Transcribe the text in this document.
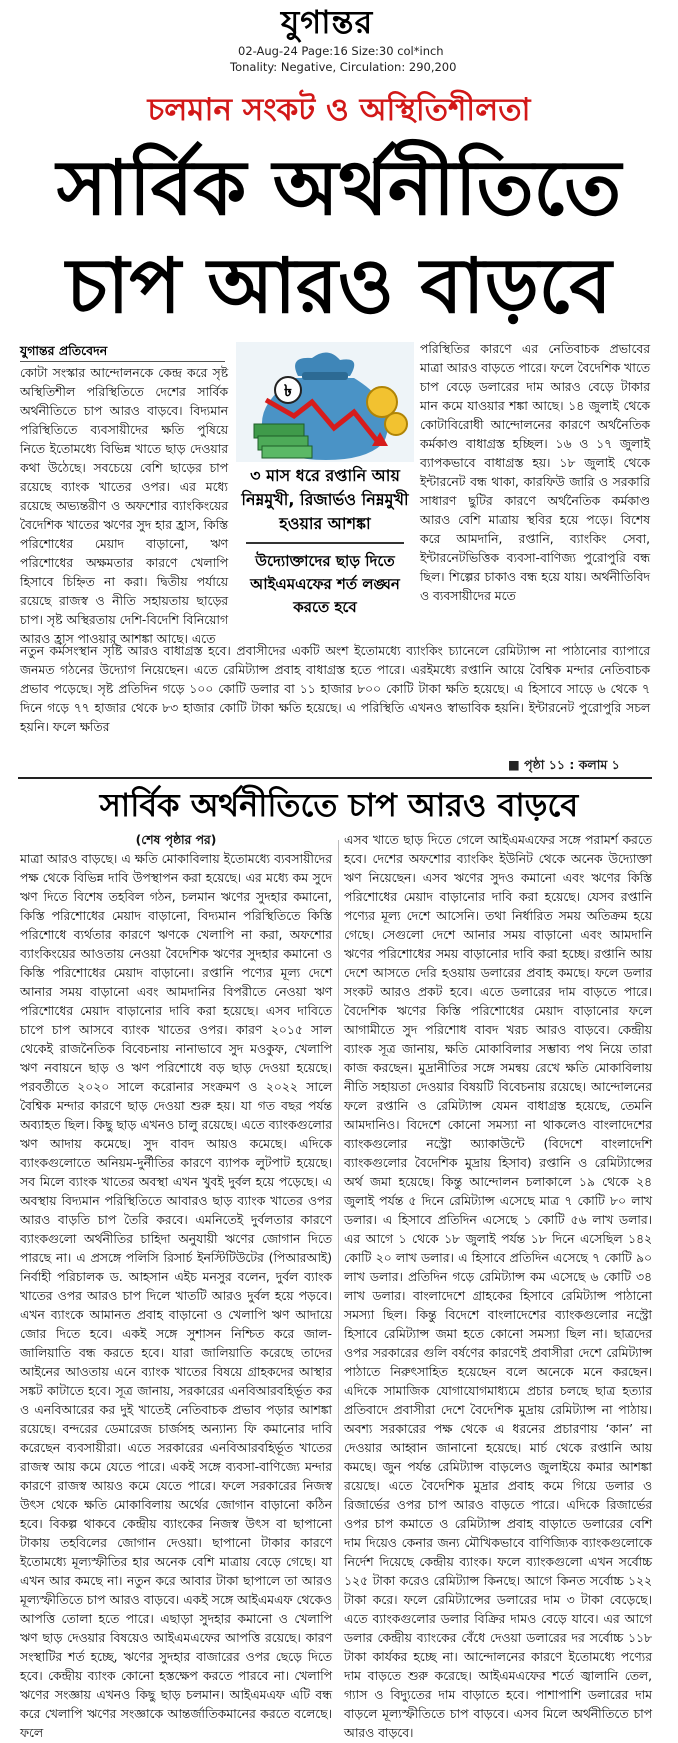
যুগান্তর
02-Aug-24 Page:16 Size:30 col*inch
Tonality: Negative, Circulation: 290,200
চলমান সংকট ও অস্থিতিশীলতা
সার্বিক অর্থনীতিতে
চাপ আরও বাড়বে
যুগান্তর প্রতিবেদন

কোটা সংস্কার আন্দোলনকে কেন্দ্র করে সৃষ্ট অস্থিতিশীল পরিস্থিতিতে দেশের সার্বিক অর্থনীতিতে চাপ আরও বাড়বে। বিদ্যমান পরিস্থিতিতে ব্যবসায়ীদের ক্ষতি পুষিয়ে নিতে ইতোমধ্যে বিভিন্ন খাতে ছাড় দেওয়ার কথা উঠেছে। সবচেয়ে বেশি ছাড়ের চাপ রয়েছে ব্যাংক খাতের ওপর। এর মধ্যে রয়েছে অভ্যন্তরীণ ও অফশোর ব্যাংকিংয়ের বৈদেশিক খাতের ঋণের সুদ হার হ্রাস, কিস্তি পরিশোধের মেয়াদ বাড়ানো, ঋণ পরিশোধের অক্ষমতার কারণে খেলাপি হিসাবে চিহ্নিত না করা। দ্বিতীয় পর্যায়ে রয়েছে রাজস্ব ও নীতি সহায়তায় ছাড়ের চাপ। সৃষ্ট অস্থিরতায় দেশি-বিদেশি বিনিয়োগ আরও হ্রাস পাওয়ার আশঙ্কা আছে। এতে

৳
৩ মাস ধরে রপ্তানি আয় নিম্নমুখী, রিজার্ভও নিম্নমুখী হওয়ার আশঙ্কা
উদ্যোক্তাদের ছাড় দিতে আইএমএফের শর্ত লঙ্ঘন করতে হবে

পরিস্থিতির কারণে এর নেতিবাচক প্রভাবের মাত্রা আরও বাড়তে পারে। ফলে বৈদেশিক খাতে চাপ বেড়ে ডলারের দাম আরও বেড়ে টাকার মান কমে যাওয়ার শঙ্কা আছে। ১৪ জুলাই থেকে কোটাবিরোধী আন্দোলনের কারণে অর্থনৈতিক কর্মকাণ্ড বাধাগ্রস্ত হচ্ছিল। ১৬ ও ১৭ জুলাই ব্যাপকভাবে বাধাগ্রস্ত হয়। ১৮ জুলাই থেকে ইন্টারনেট বন্ধ থাকা, কারফিউ জারি ও সরকারি সাধারণ ছুটির কারণে অর্থনৈতিক কর্মকাণ্ড আরও বেশি মাত্রায় স্থবির হয়ে পড়ে। বিশেষ করে আমদানি, রপ্তানি, ব্যাংকিং সেবা, ইন্টারনেটভিত্তিক ব্যবসা-বাণিজ্য পুরোপুরি বন্ধ ছিল। শিল্পের চাকাও বন্ধ হয়ে যায়। অর্থনীতিবিদ ও ব্যবসায়ীদের মতে

নতুন কর্মসংস্থান সৃষ্টি আরও বাধাগ্রস্ত হবে। প্রবাসীদের একটি অংশ ইতোমধ্যে ব্যাংকিং চ্যানেলে রেমিট্যান্স না পাঠানোর ব্যাপারে জনমত গঠনের উদ্যোগ নিয়েছেন। এতে রেমিট্যান্স প্রবাহ বাধাগ্রস্ত হতে পারে। এরইমধ্যে রপ্তানি আয়ে বৈশ্বিক মন্দার নেতিবাচক প্রভাব পড়েছে। সৃষ্ট প্রতিদিন গড়ে ১০০ কোটি ডলার বা ১১ হাজার ৮০০ কোটি টাকা ক্ষতি হয়েছে। এ হিসাবে সাড়ে ৬ থেকে ৭ দিনে গড়ে ৭৭ হাজার থেকে ৮৩ হাজার কোটি টাকা ক্ষতি হয়েছে। এ পরিস্থিতি এখনও স্বাভাবিক হয়নি। ইন্টারনেট পুরোপুরি সচল হয়নি। ফলে ক্ষতির

■ পৃষ্ঠা ১১ : কলাম ১
সার্বিক অর্থনীতিতে চাপ আরও বাড়বে

(শেষ পৃষ্ঠার পর)

মাত্রা আরও বাড়ছে। এ ক্ষতি মোকাবিলায় ইতোমধ্যে ব্যবসায়ীদের পক্ষ থেকে বিভিন্ন দাবি উপস্থাপন করা হয়েছে। এর মধ্যে কম সুদে ঋণ দিতে বিশেষ তহবিল গঠন, চলমান ঋণের সুদহার কমানো, কিস্তি পরিশোধের মেয়াদ বাড়ানো, বিদ্যমান পরিস্থিতিতে কিস্তি পরিশোধে ব্যর্থতার কারণে ঋণকে খেলাপি না করা, অফশোর ব্যাংকিংয়ের আওতায় নেওয়া বৈদেশিক ঋণের সুদহার কমানো ও কিস্তি পরিশোধের মেয়াদ বাড়ানো। রপ্তানি পণ্যের মূল্য দেশে আনার সময় বাড়ানো এবং আমদানির বিপরীতে নেওয়া ঋণ পরিশোধের মেয়াদ বাড়ানোর দাবি করা হয়েছে। এসব দাবিতে চাপে চাপ আসবে ব্যাংক খাতের ওপর। কারণ ২০১৫ সাল থেকেই রাজনৈতিক বিবেচনায় নানাভাবে সুদ মওকুফ, খেলাপি ঋণ নবায়নে ছাড় ও ঋণ পরিশোধে বড় ছাড় দেওয়া হয়েছে। পরবর্তীতে ২০২০ সালে করোনার সংক্রমণ ও ২০২২ সালে বৈশ্বিক মন্দার কারণে ছাড় দেওয়া শুরু হয়। যা গত বছর পর্যন্ত অব্যাহত ছিল। কিছু ছাড় এখনও চালু রয়েছে। এতে ব্যাংকগুলোর ঋণ আদায় কমেছে। সুদ বাবদ আয়ও কমেছে। এদিকে ব্যাংকগুলোতে অনিয়ম-দুর্নীতির কারণে ব্যাপক লুটপাট হয়েছে। সব মিলে ব্যাংক খাতের অবস্থা এখন খুবই দুর্বল হয়ে পড়েছে। এ অবস্থায় বিদ্যমান পরিস্থিতিতে আবারও ছাড় ব্যাংক খাতের ওপর আরও বাড়তি চাপ তৈরি করবে। এমনিতেই দুর্বলতার কারণে ব্যাংকগুলো অর্থনীতির চাহিদা অনুযায়ী ঋণের জোগান দিতে পারছে না। এ প্রসঙ্গে পলিসি রিসার্চ ইনস্টিটিউটের (পিআরআই) নির্বাহী পরিচালক ড. আহসান এইচ মনসুর বলেন, দুর্বল ব্যাংক খাতের ওপর আরও চাপ দিলে খাতটি আরও দুর্বল হয়ে পড়বে। এখন ব্যাংকে আমানত প্রবাহ বাড়ানো ও খেলাপি ঋণ আদায়ে জোর দিতে হবে। একই সঙ্গে সুশাসন নিশ্চিত করে জাল-জালিয়াতি বন্ধ করতে হবে। যারা জালিয়াতি করেছে তাদের আইনের আওতায় এনে ব্যাংক খাতের বিষয়ে গ্রাহকদের আস্থার সঙ্কট কাটাতে হবে। সূত্র জানায়, সরকারের এনবিআরবহির্ভূত কর ও এনবিআরের কর দুই খাতেই নেতিবাচক প্রভাব পড়ার আশঙ্কা রয়েছে। বন্দরের ডেমারেজ চার্জসহ অন্যান্য ফি কমানোর দাবি করেছেন ব্যবসায়ীরা। এতে সরকারের এনবিআরবহির্ভূত খাতের রাজস্ব আয় কমে যেতে পারে। একই সঙ্গে ব্যবসা-বাণিজ্যে মন্দার কারণে রাজস্ব আয়ও কমে যেতে পারে। ফলে সরকারের নিজস্ব উৎস থেকে ক্ষতি মোকাবিলায় অর্থের জোগান বাড়ানো কঠিন হবে। বিকল্প থাকবে কেন্দ্রীয় ব্যাংকের নিজস্ব উৎস বা ছাপানো টাকায় তহবিলের জোগান দেওয়া। ছাপানো টাকার কারণে ইতোমধ্যে মূল্যস্ফীতির হার অনেক বেশি মাত্রায় বেড়ে গেছে। যা এখন আর কমছে না। নতুন করে আবার টাকা ছাপালে তা আরও মূল্যস্ফীতিতে চাপ আরও বাড়বে। একই সঙ্গে আইএমএফ থেকেও আপত্তি তোলা হতে পারে। এছাড়া সুদহার কমানো ও খেলাপি ঋণ ছাড় দেওয়ার বিষয়েও আইএমএফের আপত্তি রয়েছে। কারণ সংস্থাটির শর্ত হচ্ছে, ঋণের সুদহার বাজারের ওপর ছেড়ে দিতে হবে। কেন্দ্রীয় ব্যাংক কোনো হস্তক্ষেপ করতে পারবে না। খেলাপি ঋণের সংজ্ঞায় এখনও কিছু ছাড় চলমান। আইএমএফ এটি বন্ধ করে খেলাপি ঋণের সংজ্ঞাকে আন্তর্জাতিকমানের করতে বলেছে। ফলে

এসব খাতে ছাড় দিতে গেলে আইএমএফের সঙ্গে পরামর্শ করতে হবে। দেশের অফশোর ব্যাংকিং ইউনিট থেকে অনেক উদ্যোক্তা ঋণ নিয়েছেন। এসব ঋণের সুদও কমানো এবং ঋণের কিস্তি পরিশোধের মেয়াদ বাড়ানোর দাবি করা হয়েছে। যেসব রপ্তানি পণ্যের মূল্য দেশে আসেনি। তথা নির্ধারিত সময় অতিক্রম হয়ে গেছে। সেগুলো দেশে আনার সময় বাড়ানো এবং আমদানি ঋণের পরিশোধের সময় বাড়ানোর দাবি করা হচ্ছে। রপ্তানি আয় দেশে আসতে দেরি হওয়ায় ডলারের প্রবাহ কমছে। ফলে ডলার সংকট আরও প্রকট হবে। এতে ডলারের দাম বাড়তে পারে। বৈদেশিক ঋণের কিস্তি পরিশোধের মেয়াদ বাড়ানোর ফলে আগামীতে সুদ পরিশোধ বাবদ খরচ আরও বাড়বে। কেন্দ্রীয় ব্যাংক সূত্র জানায়, ক্ষতি মোকাবিলার সম্ভাব্য পথ নিয়ে তারা কাজ করছেন। মুদ্রানীতির সঙ্গে সমন্বয় রেখে ক্ষতি মোকাবিলায় নীতি সহায়তা দেওয়ার বিষয়টি বিবেচনায় রয়েছে। আন্দোলনের ফলে রপ্তানি ও রেমিট্যান্স যেমন বাধাগ্রস্ত হয়েছে, তেমনি আমদানিও। বিদেশে কোনো সমস্যা না থাকলেও বাংলাদেশের ব্যাংকগুলোর নস্ট্রো অ্যাকাউন্টে (বিদেশে বাংলাদেশি ব্যাংকগুলোর বৈদেশিক মুদ্রায় হিসাব) রপ্তানি ও রেমিট্যান্সের অর্থ জমা হয়েছে। কিন্তু আন্দোলন চলাকালে ১৯ থেকে ২৪ জুলাই পর্যন্ত ৫ দিনে রেমিট্যান্স এসেছে মাত্র ৭ কোটি ৮০ লাখ ডলার। এ হিসাবে প্রতিদিন এসেছে ১ কোটি ৫৬ লাখ ডলার। এর আগে ১ থেকে ১৮ জুলাই পর্যন্ত ১৮ দিনে এসেছিল ১৪২ কোটি ২০ লাখ ডলার। এ হিসাবে প্রতিদিন এসেছে ৭ কোটি ৯০ লাখ ডলার। প্রতিদিন গড়ে রেমিট্যান্স কম এসেছে ৬ কোটি ৩৪ লাখ ডলার। বাংলাদেশে গ্রাহকের হিসাবে রেমিট্যান্স পাঠানো সমস্যা ছিল। কিন্তু বিদেশে বাংলাদেশের ব্যাংকগুলোর নস্ট্রো হিসাবে রেমিট্যান্স জমা হতে কোনো সমস্যা ছিল না। ছাত্রদের ওপর সরকারের গুলি বর্ষণের কারণেই প্রবাসীরা দেশে রেমিট্যান্স পাঠাতে নিরুৎসাহিত হয়েছেন বলে অনেকে মনে করছেন। এদিকে সামাজিক যোগাযোগমাধ্যমে প্রচার চলছে ছাত্র হত্যার প্রতিবাদে প্রবাসীরা দেশে বৈদেশিক মুদ্রায় রেমিট্যান্স না পাঠায়। অবশ্য সরকারের পক্ষ থেকে এ ধরনের প্রচারণায় ‘কান’ না দেওয়ার আহ্বান জানানো হয়েছে। মার্চ থেকে রপ্তানি আয় কমছে। জুন পর্যন্ত রেমিট্যান্স বাড়লেও জুলাইয়ে কমার আশঙ্কা রয়েছে। এতে বৈদেশিক মুদ্রার প্রবাহ কমে গিয়ে ডলার ও রিজার্ভের ওপর চাপ আরও বাড়তে পারে। এদিকে রিজার্ভের ওপর চাপ কমাতে ও রেমিট্যান্স প্রবাহ বাড়াতে ডলারের বেশি দাম দিয়েও কেনার জন্য মৌখিকভাবে বাণিজ্যিক ব্যাংকগুলোকে নির্দেশ দিয়েছে কেন্দ্রীয় ব্যাংক। ফলে ব্যাংকগুলো এখন সর্বোচ্চ ১২৫ টাকা করেও রেমিট্যান্স কিনছে। আগে কিনত সর্বোচ্চ ১২২ টাকা করে। ফলে রেমিট্যান্সের ডলারের দাম ৩ টাকা বেড়েছে। এতে ব্যাংকগুলোর ডলার বিক্রির দামও বেড়ে যাবে। এর আগে ডলার কেন্দ্রীয় ব্যাংকের বেঁধে দেওয়া ডলারের দর সর্বোচ্চ ১১৮ টাকা কার্যকর হচ্ছে না। আন্দোলনের কারণে ইতোমধ্যে পণ্যের দাম বাড়তে শুরু করেছে। আইএমএফের শর্তে জ্বালানি তেল, গ্যাস ও বিদ্যুতের দাম বাড়াতে হবে। পাশাপাশি ডলারের দাম বাড়লে মূল্যস্ফীতিতে চাপ বাড়বে। এসব মিলে অর্থনীতিতে চাপ আরও বাড়বে।
